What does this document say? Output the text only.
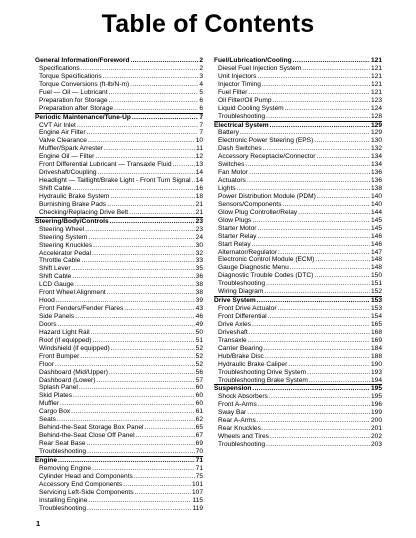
Table of Contents
General Information/Foreword .....	2
Specifications .....	2
Torque Specifications .....	3
Torque Conversions (ft-lb/N-m) .....	4
Fuel — Oil — Lubricant .....	5
Preparation for Storage .....	6
Preparation after Storage .....	6
Periodic Maintenance/Tune-Up .....	7
CVT Air Inlet .....	7
Engine Air Filter .....	7
Valve Clearance .....	10
Muffler/Spark Arrester .....	11
Engine Oil — Filter .....	12
Front Differential Lubricant — Transaxle Fluid .....	13
Driveshaft/Coupling .....	14
Headlight — Taillight/Brake Light - Front Turn Signal ..... 14
Shift Cable .....	16
Hydraulic Brake System .....	18
Burnishing Brake Pads .....	21
Checking/Replacing Drive Belt .....	21
Steering/Body/Controls .....	23
Steering Wheel .....	23
Steering System .....	24
Steering Knuckles .....	30
Accelerator Pedal .....	32
Throttle Cable .....	33
Shift Lever .....	35
Shift Cable .....	36
LCD Gauge .....	38
Front Wheel Alignment .....	38
Hood .....	39
Front Fenders/Fender Flares .....	43
Side Panels .....	46
Doors .....	49
Hazard Light Rail .....	50
Roof (if equipped) .....	51
Windshield (if equipped) .....	52
Front Bumper .....	52
Floor .....	52
Dashboard (Mid/Upper) .....	56
Dashboard (Lower) .....	57
Splash Panel .....	60
Skid Plates .....	60
Muffler .....	60
Cargo Box .....	61
Seats .....	62
Behind-the-Seat Storage Box Panel .....	65
Behind-the-Seat Close Off Panel .....	67
Rear Seat Base .....	69
Troubleshooting .....	70
Engine .....	71
Removing Engine .....	71
Cylinder Head and Components .....	75
Accessory End Components .....	101
Servicing Left-Side Components .....	107
Installing Engine .....	115
Troubleshooting .....	119
Fuel/Lubrication/Cooling .....	121
Diesel Fuel Injection System .....	121
Unit Injectors .....	121
Injector Timing .....	121
Fuel Filter .....	121
Oil Filter/Oil Pump .....	123
Liquid Cooling System .....	124
Troubleshooting .....	128
Electrical System .....	129
Battery .....	129
Electronic Power Steering (EPS) .....	130
Dash Switches .....	132
Accessory Receptacle/Connector .....	134
Switches .....	134
Fan Motor .....	136
Actuators .....	136
Lights .....	138
Power Distribution Module (PDM) .....	140
Sensors/Components .....	140
Glow Plug Controller/Relay .....	144
Glow Plugs .....	145
Starter Motor .....	145
Starter Relay .....	146
Start Relay .....	146
Alternator/Regulator .....	147
Electronic Control Module (ECM) .....	148
Gauge Diagnostic Menu .....	148
Diagnostic Trouble Codes (DTC) .....	150
Troubleshooting .....	151
Wiring Diagram .....	152
Drive System .....	153
Front Drive Actuator .....	153
Front Differential .....	154
Drive Axles .....	165
Driveshaft .....	168
Transaxle .....	169
Carrier Bearing .....	184
Hub/Brake Disc .....	188
Hydraulic Brake Caliper .....	190
Troubleshooting Drive System .....	193
Troubleshooting Brake System .....	194
Suspension .....	195
Shock Absorbers .....	195
Front A-Arms .....	196
Sway Bar .....	199
Rear A-Arms .....	200
Rear Knuckles .....	201
Wheels and Tires .....	202
Troubleshooting .....	203
1
